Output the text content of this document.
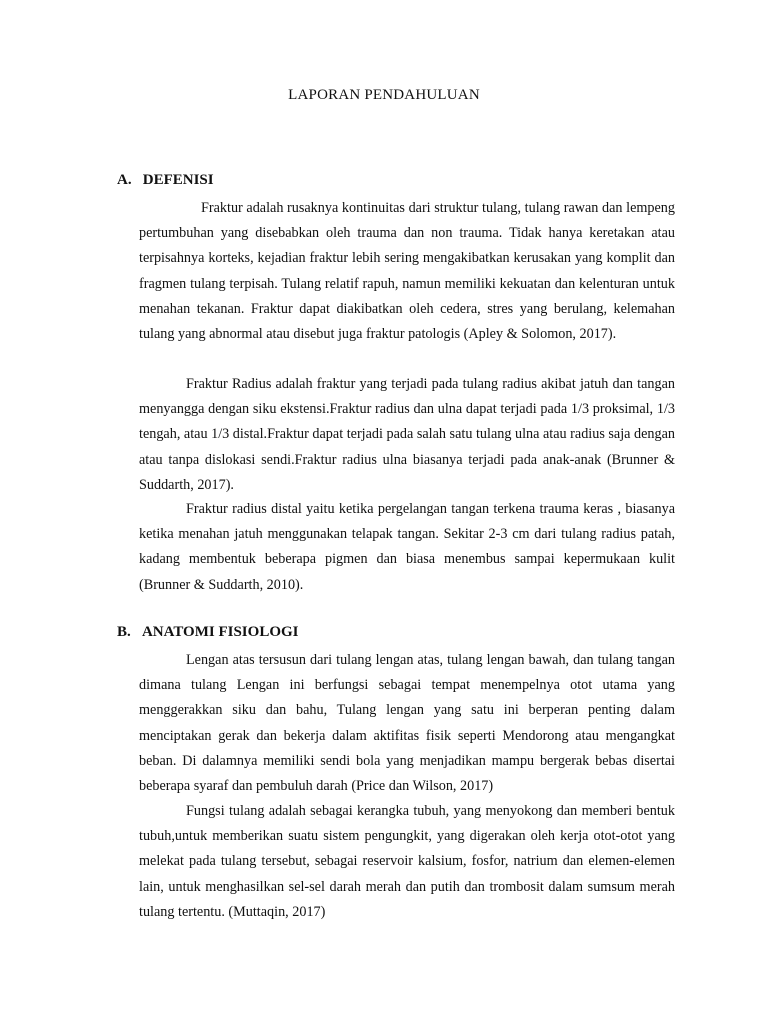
LAPORAN PENDAHULUAN
A. DEFENISI

Fraktur adalah rusaknya kontinuitas dari struktur tulang, tulang rawan dan lempeng pertumbuhan yang disebabkan oleh trauma dan non trauma. Tidak hanya keretakan atau terpisahnya korteks, kejadian fraktur lebih sering mengakibatkan kerusakan yang komplit dan fragmen tulang terpisah. Tulang relatif rapuh, namun memiliki kekuatan dan kelenturan untuk menahan tekanan. Fraktur dapat diakibatkan oleh cedera, stres yang berulang, kelemahan tulang yang abnormal atau disebut juga fraktur patologis (Apley & Solomon, 2017).

Fraktur Radius adalah fraktur yang terjadi pada tulang radius akibat jatuh dan tangan menyangga dengan siku ekstensi.Fraktur radius dan ulna dapat terjadi pada 1/3 proksimal, 1/3 tengah, atau 1/3 distal.Fraktur dapat terjadi pada salah satu tulang ulna atau radius saja dengan atau tanpa dislokasi sendi.Fraktur radius ulna biasanya terjadi pada anak-anak (Brunner & Suddarth, 2017).

Fraktur radius distal yaitu ketika pergelangan tangan terkena trauma keras , biasanya ketika menahan jatuh menggunakan telapak tangan. Sekitar 2-3 cm dari tulang radius patah, kadang membentuk beberapa pigmen dan biasa menembus sampai kepermukaan kulit (Brunner & Suddarth, 2010).

B. ANATOMI FISIOLOGI

Lengan atas tersusun dari tulang lengan atas, tulang lengan bawah, dan tulang tangan dimana tulang Lengan ini berfungsi sebagai tempat menempelnya otot utama yang menggerakkan siku dan bahu, Tulang lengan yang satu ini berperan penting dalam menciptakan gerak dan bekerja dalam aktifitas fisik seperti Mendorong atau mengangkat beban. Di dalamnya memiliki sendi bola yang menjadikan mampu bergerak bebas disertai beberapa syaraf dan pembuluh darah (Price dan Wilson, 2017)

Fungsi tulang adalah sebagai kerangka tubuh, yang menyokong dan memberi bentuk tubuh,untuk memberikan suatu sistem pengungkit, yang digerakan oleh kerja otot-otot yang melekat pada tulang tersebut, sebagai reservoir kalsium, fosfor, natrium dan elemen-elemen lain, untuk menghasilkan sel-sel darah merah dan putih dan trombosit dalam sumsum merah tulang tertentu. (Muttaqin, 2017)
